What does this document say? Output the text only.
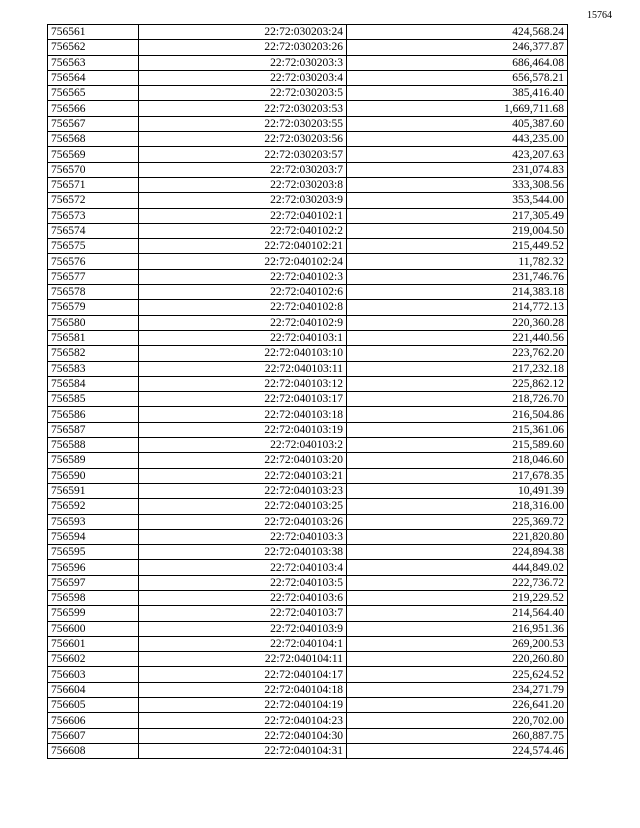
15764
756561	22:72:030203:24	424,568.24
756562	22:72:030203:26	246,377.87
756563	22:72:030203:3	686,464.08
756564	22:72:030203:4	656,578.21
756565	22:72:030203:5	385,416.40
756566	22:72:030203:53	1,669,711.68
756567	22:72:030203:55	405,387.60
756568	22:72:030203:56	443,235.00
756569	22:72:030203:57	423,207.63
756570	22:72:030203:7	231,074.83
756571	22:72:030203:8	333,308.56
756572	22:72:030203:9	353,544.00
756573	22:72:040102:1	217,305.49
756574	22:72:040102:2	219,004.50
756575	22:72:040102:21	215,449.52
756576	22:72:040102:24	11,782.32
756577	22:72:040102:3	231,746.76
756578	22:72:040102:6	214,383.18
756579	22:72:040102:8	214,772.13
756580	22:72:040102:9	220,360.28
756581	22:72:040103:1	221,440.56
756582	22:72:040103:10	223,762.20
756583	22:72:040103:11	217,232.18
756584	22:72:040103:12	225,862.12
756585	22:72:040103:17	218,726.70
756586	22:72:040103:18	216,504.86
756587	22:72:040103:19	215,361.06
756588	22:72:040103:2	215,589.60
756589	22:72:040103:20	218,046.60
756590	22:72:040103:21	217,678.35
756591	22:72:040103:23	10,491.39
756592	22:72:040103:25	218,316.00
756593	22:72:040103:26	225,369.72
756594	22:72:040103:3	221,820.80
756595	22:72:040103:38	224,894.38
756596	22:72:040103:4	444,849.02
756597	22:72:040103:5	222,736.72
756598	22:72:040103:6	219,229.52
756599	22:72:040103:7	214,564.40
756600	22:72:040103:9	216,951.36
756601	22:72:040104:1	269,200.53
756602	22:72:040104:11	220,260.80
756603	22:72:040104:17	225,624.52
756604	22:72:040104:18	234,271.79
756605	22:72:040104:19	226,641.20
756606	22:72:040104:23	220,702.00
756607	22:72:040104:30	260,887.75
756608	22:72:040104:31	224,574.46
